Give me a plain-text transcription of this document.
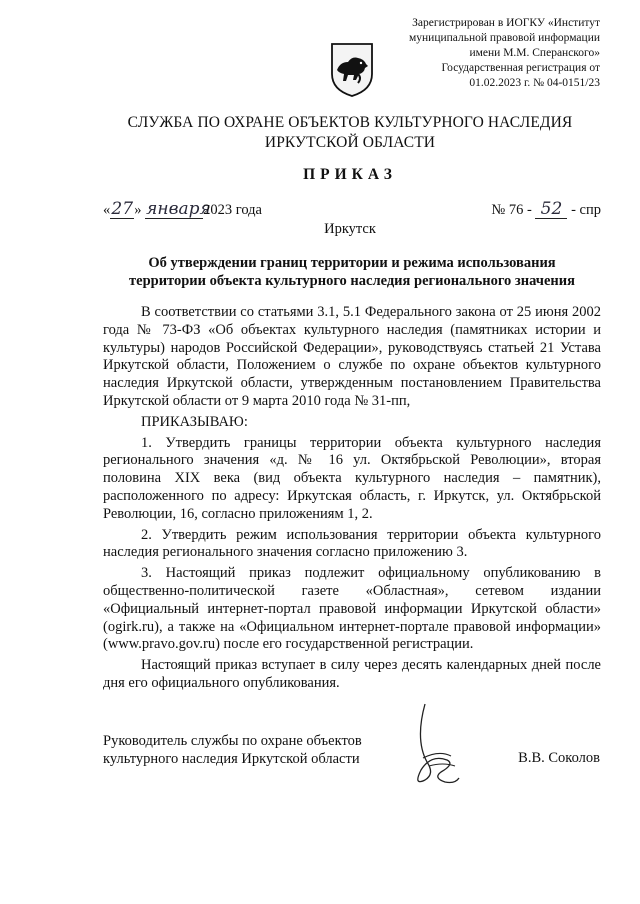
Зарегистрирован в ИОГКУ «Институт
муниципальной правовой информации
имени М.М. Сперанского»
Государственная регистрация от
01.02.2023 г. № 04-0151/23
СЛУЖБА ПО ОХРАНЕ ОБЪЕКТОВ КУЛЬТУРНОГО НАСЛЕДИЯ
ИРКУТСКОЙ ОБЛАСТИ
ПРИКАЗ
«27» января2023 года	№ 76 - 52 - спр
Иркутск
Об утверждении границ территории и режима использования
территории объекта культурного наследия регионального значения

В соответствии со статьями 3.1, 5.1 Федерального закона от 25 июня 2002 года № 73-ФЗ «Об объектах культурного наследия (памятниках истории и культуры) народов Российской Федерации», руководствуясь статьей 21 Устава Иркутской области, Положением о службе по охране объектов культурного наследия Иркутской области, утвержденным постановлением Правительства Иркутской области от 9 марта 2010 года № 31-пп,

ПРИКАЗЫВАЮ:

1. Утвердить границы территории объекта культурного наследия регионального значения «д. № 16 ул. Октябрьской Революции», вторая половина XIX века (вид объекта культурного наследия – памятник), расположенного по адресу: Иркутская область, г. Иркутск, ул. Октябрьской Революции, 16, согласно приложениям 1, 2.

2. Утвердить режим использования территории объекта культурного наследия регионального значения согласно приложению 3.

3. Настоящий приказ подлежит официальному опубликованию в общественно-политической газете «Областная», сетевом издании «Официальный интернет-портал правовой информации Иркутской области» (ogirk.ru), а также на «Официальном интернет-портале правовой информации» (www.pravo.gov.ru) после его государственной регистрации.

Настоящий приказ вступает в силу через десять календарных дней после дня его официального опубликования.

Руководитель службы по охране объектов
культурного наследия Иркутской области	В.В. Соколов
